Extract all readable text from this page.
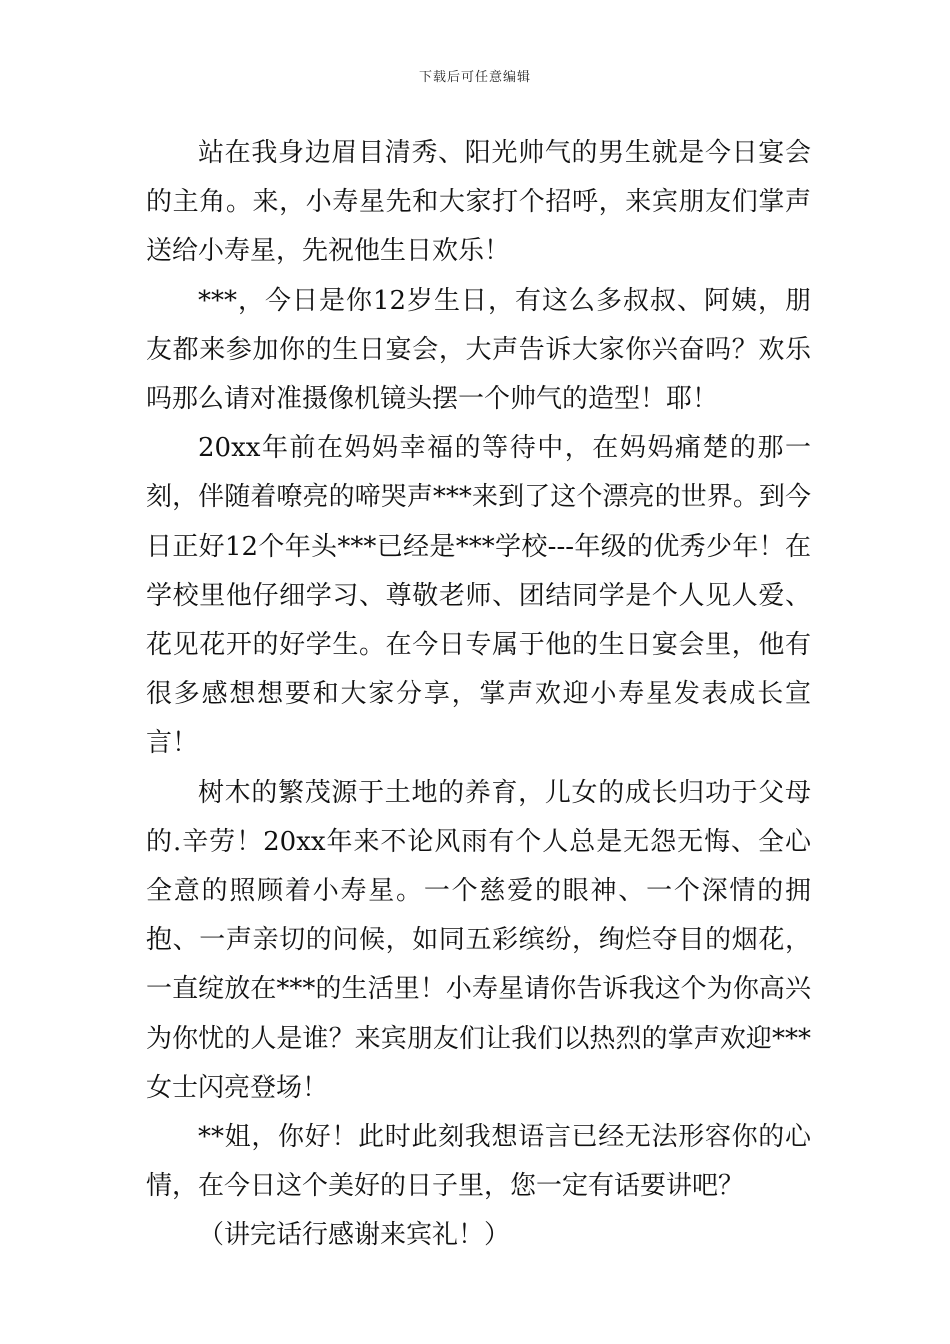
下载后可任意编辑

站在我身边眉目清秀、阳光帅气的男生就是今日宴会的主角。来，小寿星先和大家打个招呼，来宾朋友们掌声送给小寿星，先祝他生日欢乐！

***，今日是你12岁生日，有这么多叔叔、阿姨，朋友都来参加你的生日宴会，大声告诉大家你兴奋吗？欢乐吗那么请对准摄像机镜头摆一个帅气的造型！耶！

20xx年前在妈妈幸福的等待中，在妈妈痛楚的那一刻，伴随着嘹亮的啼哭声***来到了这个漂亮的世界。到今日正好12个年头***已经是***学校---年级的优秀少年！在学校里他仔细学习、尊敬老师、团结同学是个人见人爱、花见花开的好学生。在今日专属于他的生日宴会里，他有很多感想想要和大家分享，掌声欢迎小寿星发表成长宣言！

树木的繁茂源于土地的养育，儿女的成长归功于父母的.辛劳！20xx年来不论风雨有个人总是无怨无悔、全心全意的照顾着小寿星。一个慈爱的眼神、一个深情的拥抱、一声亲切的问候，如同五彩缤纷，绚烂夺目的烟花，一直绽放在***的生活里！小寿星请你告诉我这个为你高兴为你忧的人是谁？来宾朋友们让我们以热烈的掌声欢迎***女士闪亮登场！

**姐，你好！此时此刻我想语言已经无法形容你的心情，在今日这个美好的日子里，您一定有话要讲吧？

（讲完话行感谢来宾礼！）
